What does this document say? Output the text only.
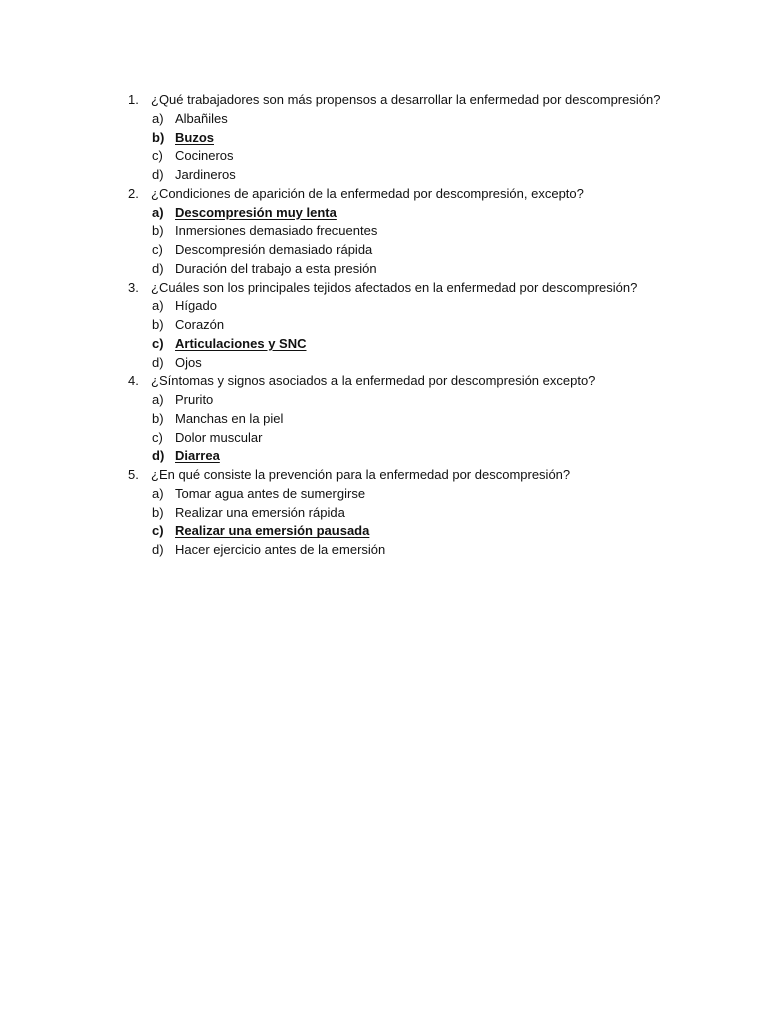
1. ¿Qué trabajadores son más propensos a desarrollar la enfermedad por descompresión?
a) Albañiles
b) Buzos
c) Cocineros
d) Jardineros
2. ¿Condiciones de aparición de la enfermedad por descompresión, excepto?
a) Descompresión muy lenta
b) Inmersiones demasiado frecuentes
c) Descompresión demasiado rápida
d) Duración del trabajo a esta presión
3. ¿Cuáles son los principales tejidos afectados en la enfermedad por descompresión?
a) Hígado
b) Corazón
c) Articulaciones y SNC
d) Ojos
4. ¿Síntomas y signos asociados a la enfermedad por descompresión excepto?
a) Prurito
b) Manchas en la piel
c) Dolor muscular
d) Diarrea
5. ¿En qué consiste la prevención para la enfermedad por descompresión?
a) Tomar agua antes de sumergirse
b) Realizar una emersión rápida
c) Realizar una emersión pausada
d) Hacer ejercicio antes de la emersión
